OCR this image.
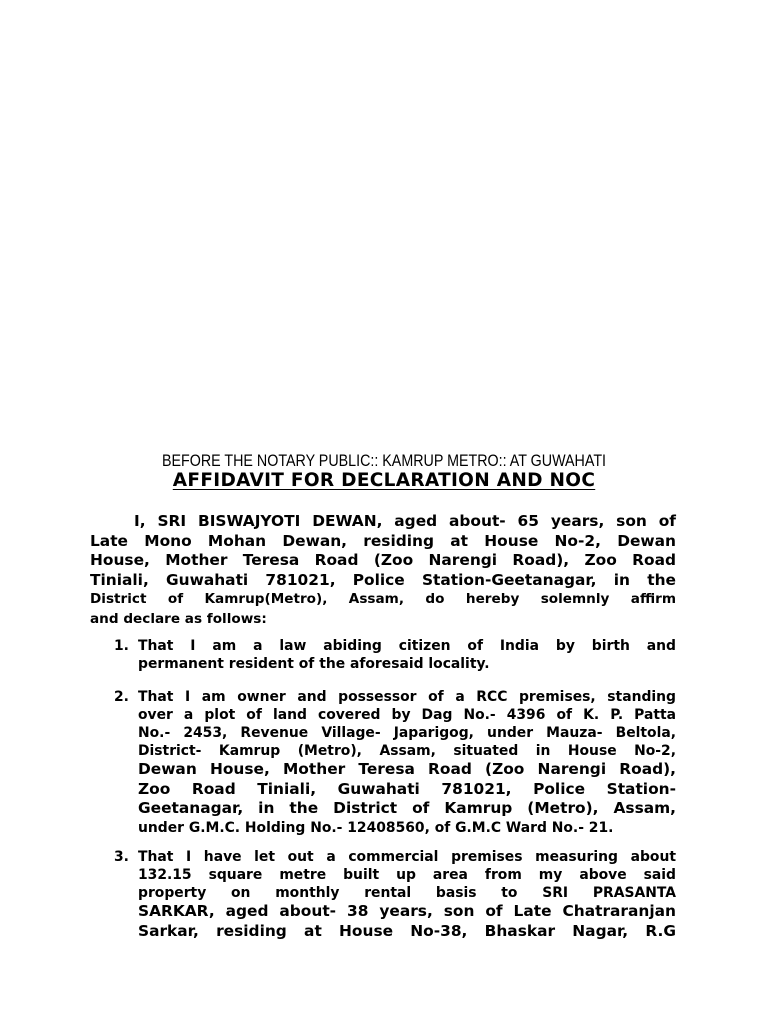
BEFORE THE NOTARY PUBLIC:: KAMRUP METRO:: AT GUWAHATI
AFFIDAVIT FOR DECLARATION AND NOC
I, SRI BISWAJYOTI DEWAN, aged about- 65 years, son of
Late Mono Mohan Dewan, residing at House No-2, Dewan
House, Mother Teresa Road (Zoo Narengi Road), Zoo Road
Tiniali, Guwahati 781021, Police Station-Geetanagar, in the
District of Kamrup(Metro), Assam, do hereby solemnly affirm
and declare as follows:
1. That I am a law abiding citizen of India by birth and
permanent resident of the aforesaid locality.
2. That I am owner and possessor of a RCC premises, standing
over a plot of land covered by Dag No.- 4396 of K. P. Patta
No.- 2453, Revenue Village- Japarigog, under Mauza- Beltola,
District- Kamrup (Metro), Assam, situated in House No-2,
Dewan House, Mother Teresa Road (Zoo Narengi Road),
Zoo Road Tiniali, Guwahati 781021, Police Station-
Geetanagar, in the District of Kamrup (Metro), Assam,
under G.M.C. Holding No.- 12408560, of G.M.C Ward No.- 21.
3. That I have let out a commercial premises measuring about
132.15 square metre built up area from my above said
property on monthly rental basis to SRI PRASANTA
SARKAR, aged about- 38 years, son of Late Chatraranjan
Sarkar, residing at House No-38, Bhaskar Nagar, R.G
